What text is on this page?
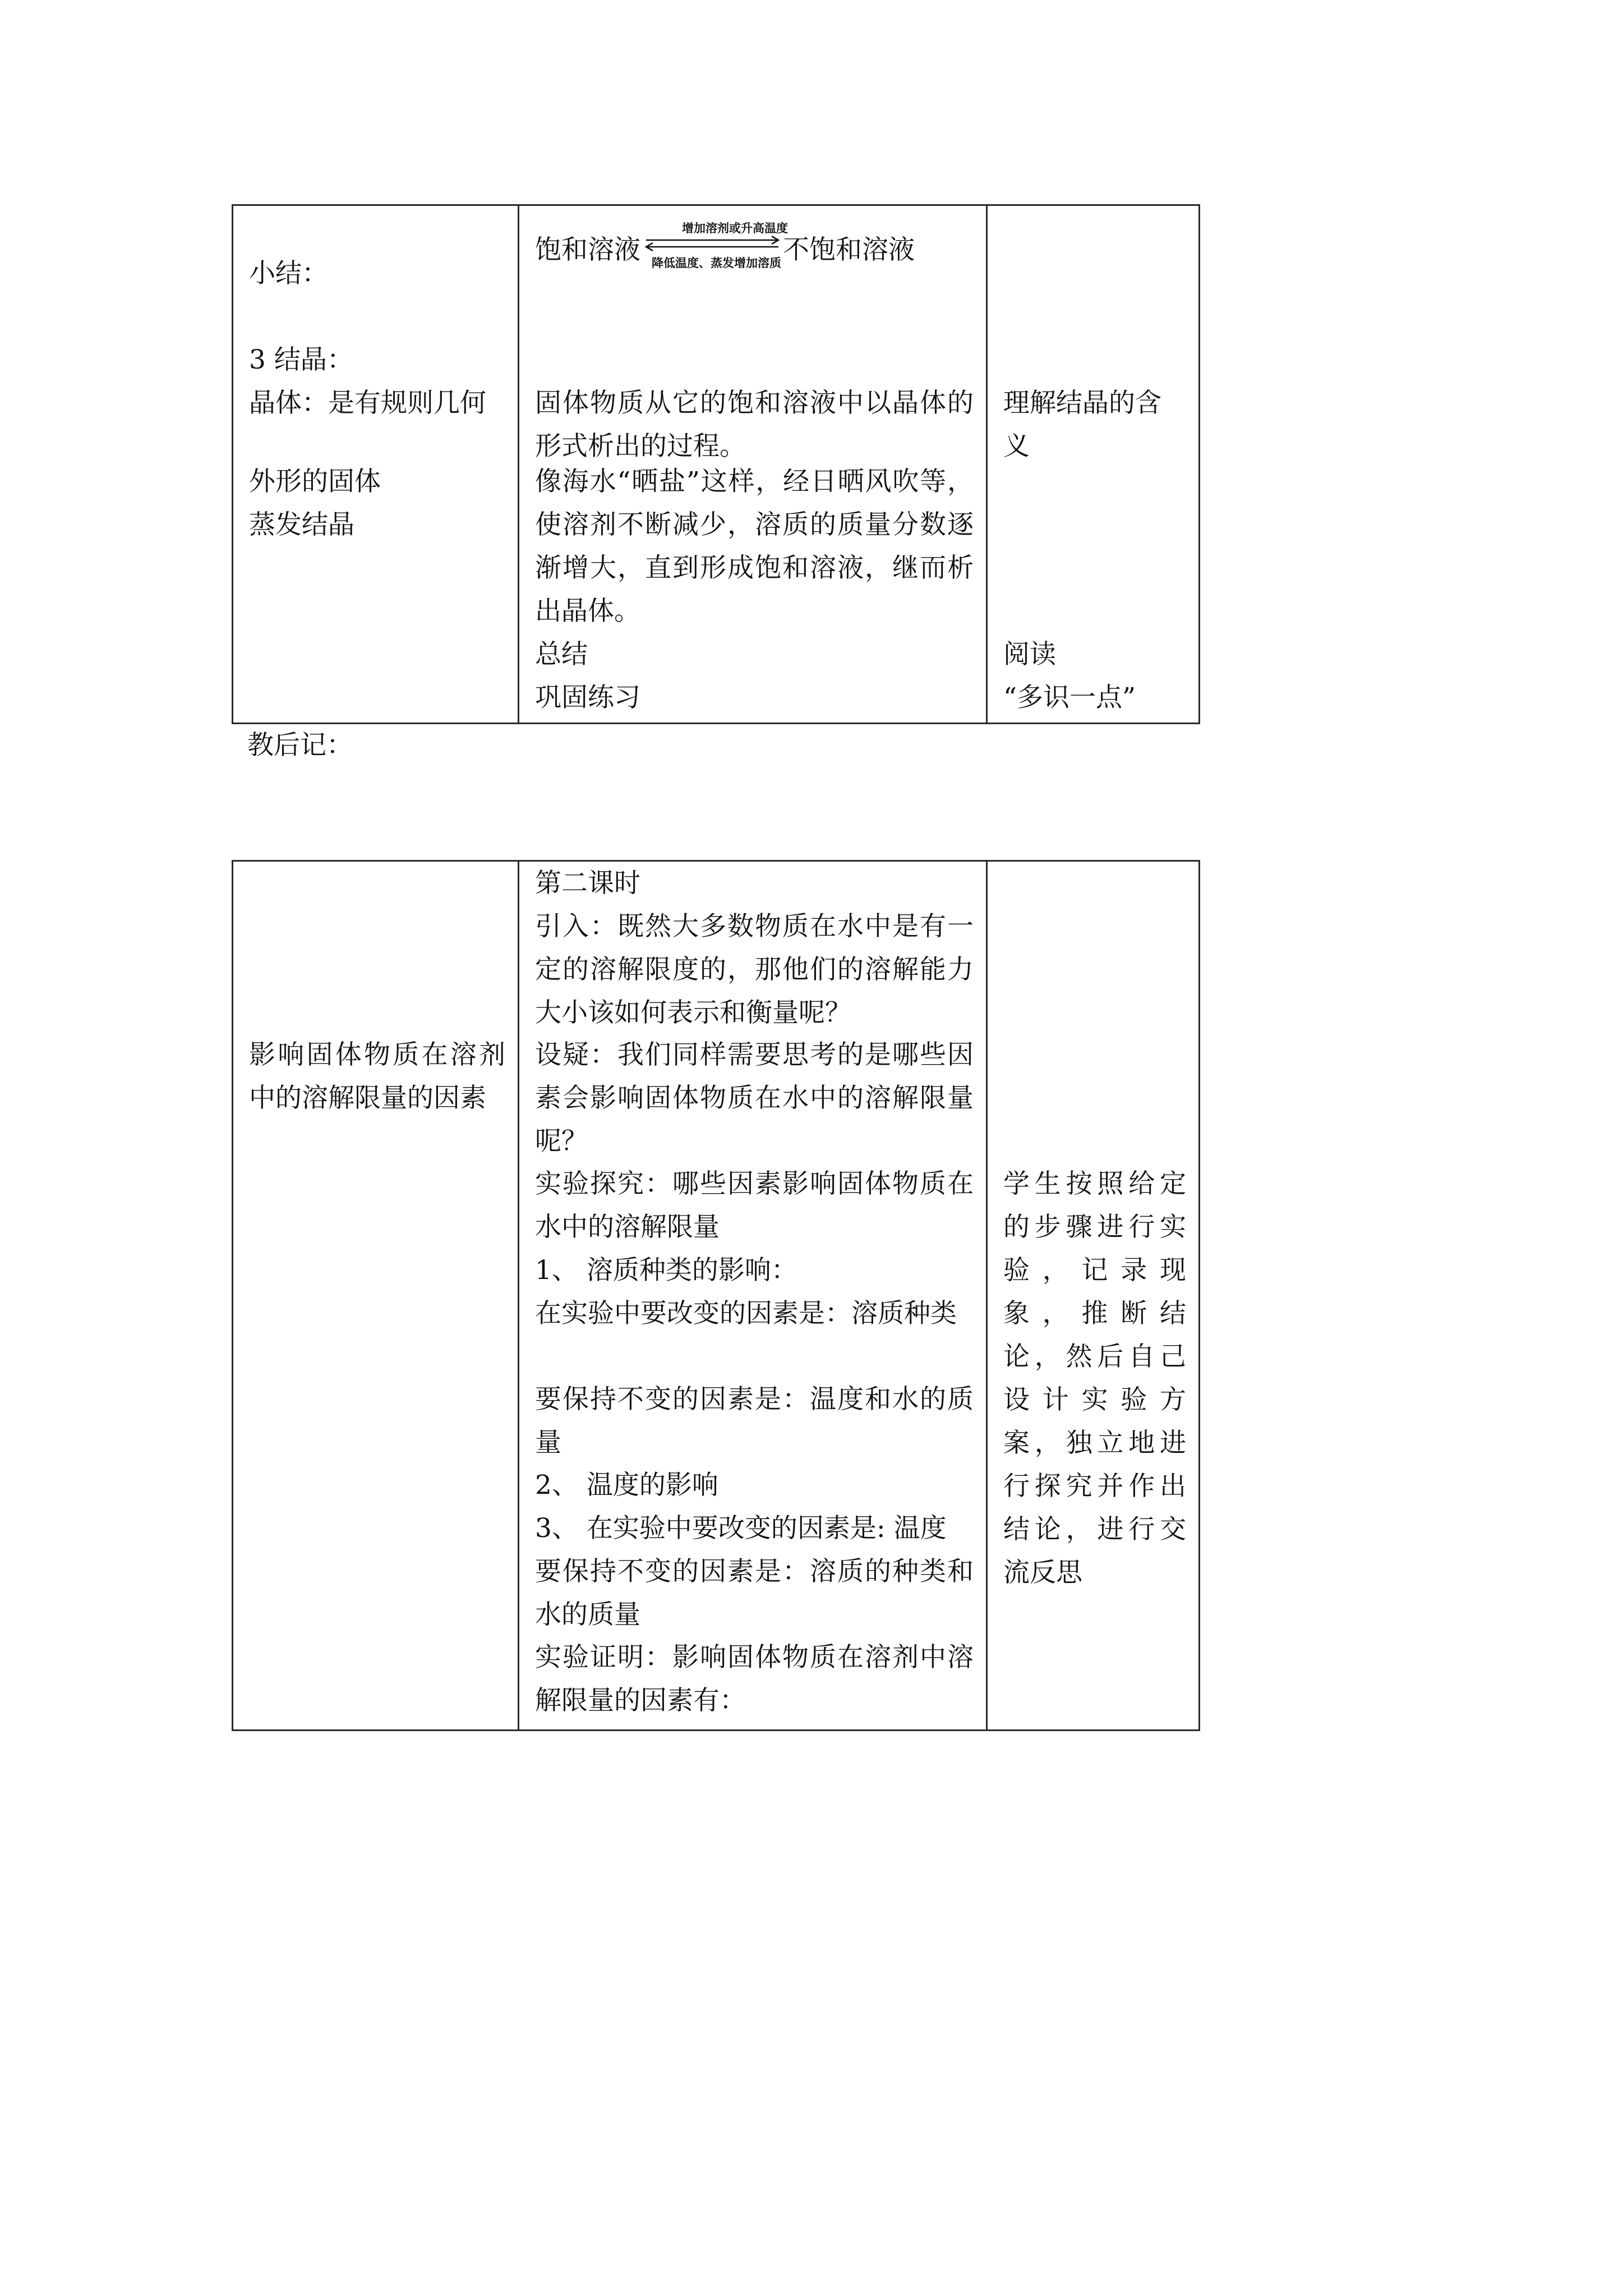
小结：
3 结晶：
晶体：是有规则几何
外形的固体
蒸发结晶

饱和溶液
增加溶剂或升高温度
降低温度、蒸发增加溶质 不饱和溶液
固体物质从它的饱和溶液中以晶体的形式析出的过程。
像海水“晒盐”这样，经日晒风吹等，使溶剂不断减少，溶质的质量分数逐渐增大，直到形成饱和溶液，继而析出晶体。
总结
巩固练习

理解结晶的含义
阅读
“多识一点”
教后记：
影响固体物质在溶剂中的溶解限量的因素

第二课时
引入：既然大多数物质在水中是有一定的溶解限度的，那他们的溶解能力大小该如何表示和衡量呢？
设疑：我们同样需要思考的是哪些因素会影响固体物质在水中的溶解限量呢？
实验探究：哪些因素影响固体物质在水中的溶解限量
1、 溶质种类的影响：
在实验中要改变的因素是：溶质种类
要保持不变的因素是：温度和水的质量
2、 温度的影响
3、 在实验中要改变的因素是: 温度
要保持不变的因素是：溶质的种类和水的质量
实验证明：影响固体物质在溶剂中溶解限量的因素有：

学生按照给定的步骤进行实验，记录现象，推断结论，然后自己设计实验方案，独立地进行探究并作出结论，进行交流反思
